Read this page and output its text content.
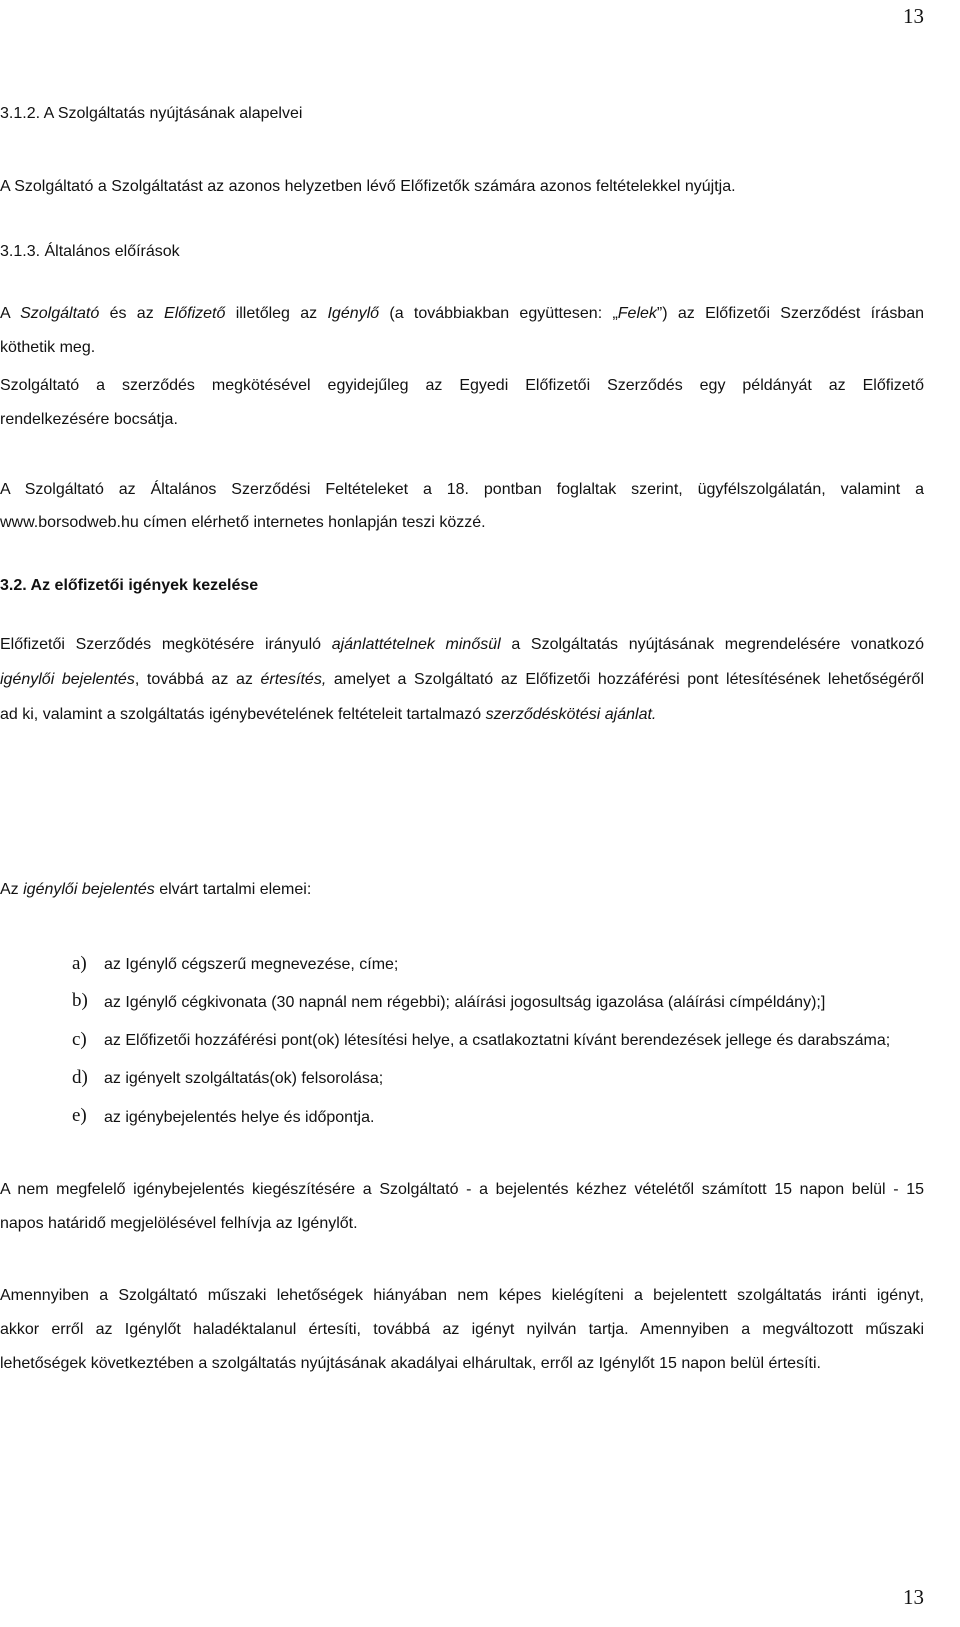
13
3.1.2. A Szolgáltatás nyújtásának alapelvei
A Szolgáltató a Szolgáltatást az azonos helyzetben lévő Előfizetők számára azonos feltételekkel nyújtja.
3.1.3. Általános előírások
A Szolgáltató és az Előfizető illetőleg az Igénylő (a továbbiakban együttesen: „Felek”) az Előfizetői Szerződést írásban
köthetik meg.
Szolgáltató a szerződés megkötésével egyidejűleg az Egyedi Előfizetői Szerződés egy példányát az Előfizető
rendelkezésére bocsátja.
A Szolgáltató az Általános Szerződési Feltételeket a 18. pontban foglaltak szerint, ügyfélszolgálatán, valamint a
www.borsodweb.hu címen elérhető internetes honlapján teszi közzé.
3.2. Az előfizetői igények kezelése
Előfizetői Szerződés megkötésére irányuló ajánlattételnek minősül a Szolgáltatás nyújtásának megrendelésére vonatkozó
igénylői bejelentés, továbbá az az értesítés, amelyet a Szolgáltató az Előfizetői hozzáférési pont létesítésének lehetőségéről
ad ki, valamint a szolgáltatás igénybevételének feltételeit tartalmazó szerződéskötési ajánlat.
Az igénylői bejelentés elvárt tartalmi elemei:
a) az Igénylő cégszerű megnevezése, címe;
b) az Igénylő cégkivonata (30 napnál nem régebbi); aláírási jogosultság igazolása (aláírási címpéldány);]
c) az Előfizetői hozzáférési pont(ok) létesítési helye, a csatlakoztatni kívánt berendezések jellege és darabszáma;
d) az igényelt szolgáltatás(ok) felsorolása;
e) az igénybejelentés helye és időpontja.
A nem megfelelő igénybejelentés kiegészítésére a Szolgáltató - a bejelentés kézhez vételétől számított 15 napon belül - 15
napos határidő megjelölésével felhívja az Igénylőt.
Amennyiben a Szolgáltató műszaki lehetőségek hiányában nem képes kielégíteni a bejelentett szolgáltatás iránti igényt,
akkor erről az Igénylőt haladéktalanul értesíti, továbbá az igényt nyilván tartja. Amennyiben a megváltozott műszaki
lehetőségek következtében a szolgáltatás nyújtásának akadályai elhárultak, erről az Igénylőt 15 napon belül értesíti.
13
